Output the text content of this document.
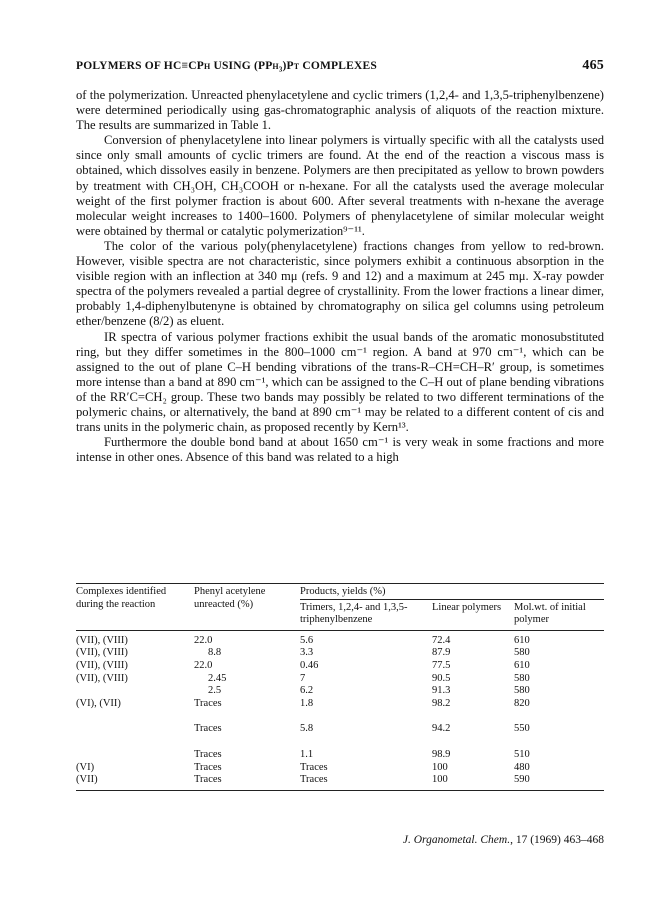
POLYMERS OF HC≡CPh USING (PPh₃)Pt COMPLEXES	465

of the polymerization. Unreacted phenylacetylene and cyclic trimers (1,2,4- and 1,3,5-triphenylbenzene) were determined periodically using gas-chromatographic analysis of aliquots of the reaction mixture. The results are summarized in Table 1.

Conversion of phenylacetylene into linear polymers is virtually specific with all the catalysts used since only small amounts of cyclic trimers are found. At the end of the reaction a viscous mass is obtained, which dissolves easily in benzene. Polymers are then precipitated as yellow to brown powders by treatment with CH₃OH, CH₃COOH or n-hexane. For all the catalysts used the average molecular weight of the first polymer fraction is about 600. After several treatments with n-hexane the average molecular weight increases to 1400–1600. Polymers of phenylacetylene of similar molecular weight were obtained by thermal or catalytic polymerization⁹⁻¹¹.

The color of the various poly(phenylacetylene) fractions changes from yellow to red-brown. However, visible spectra are not characteristic, since polymers exhibit a continuous absorption in the visible region with an inflection at 340 mμ (refs. 9 and 12) and a maximum at 245 mμ. X-ray powder spectra of the polymers revealed a partial degree of crystallinity. From the lower fractions a linear dimer, probably 1,4-diphenylbutenyne is obtained by chromatography on silica gel columns using petroleum ether/benzene (8/2) as eluent.

IR spectra of various polymer fractions exhibit the usual bands of the aromatic monosubstituted ring, but they differ sometimes in the 800–1000 cm⁻¹ region. A band at 970 cm⁻¹, which can be assigned to the out of plane C–H bending vibrations of the trans-R–CH=CH–R′ group, is sometimes more intense than a band at 890 cm⁻¹, which can be assigned to the C–H out of plane bending vibrations of the RR′C=CH₂ group. These two bands may possibly be related to two different terminations of the polymeric chains, or alternatively, the band at 890 cm⁻¹ may be related to a different content of cis and trans units in the polymeric chain, as proposed recently by Kern¹³.

Furthermore the double bond band at about 1650 cm⁻¹ is very weak in some fractions and more intense in other ones. Absence of this band was related to a high

Complexes identified during the reaction	Phenyl acetylene unreacted (%)	Products, yields (%)		
		Trimers, 1,2,4- and 1,3,5-triphenylbenzene	Linear polymers	Mol.wt. of initial polymer
(VII), (VIII)	22.0	5.6	72.4	610
(VII), (VIII)	8.8	3.3	87.9	580
(VII), (VIII)	22.0	0.46	77.5	610
(VII), (VIII)	2.45	7	90.5	580
	2.5	6.2	91.3	580
(VI), (VII)	Traces	1.8	98.2	820
	Traces	5.8	94.2	550
	Traces	1.1	98.9	510
(VI)	Traces	Traces	100	480
(VII)	Traces	Traces	100	590
J. Organometal. Chem., 17 (1969) 463–468
